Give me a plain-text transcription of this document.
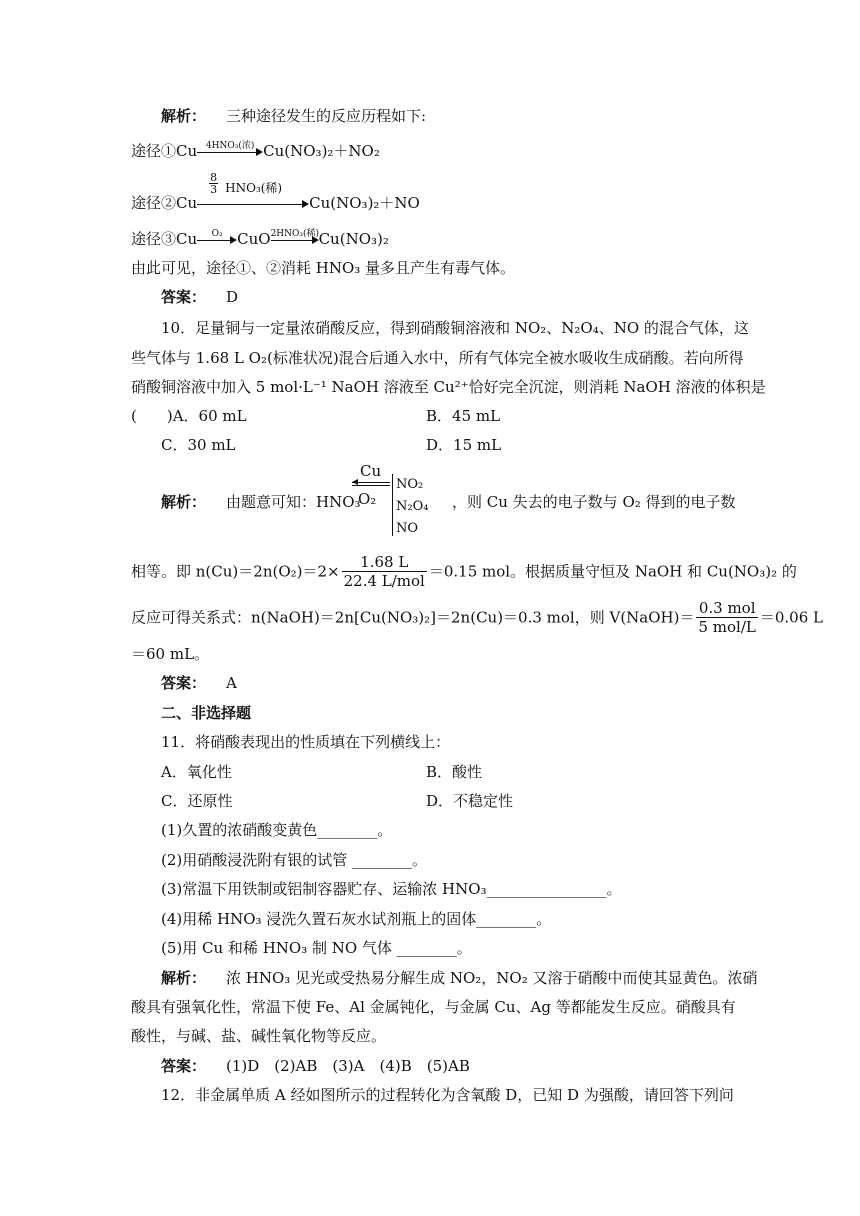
解析： 三种途径发生的反应历程如下:
途径①Cu 4HNO₃(浓) Cu(NO₃)₂＋NO₂
途径②Cu
$\frac{8}{3} HNO_3$(稀)
Cu(NO₃)₂＋NO
途径③Cu	O₂ CuO 2HNO₃(稀) Cu(NO₃)₂
由此可见，途径①、②消耗 HNO₃ 量多且产生有毒气体。
答案： D
10．足量铜与一定量浓硝酸反应，得到硝酸铜溶液和 NO₂、N₂O₄、NO 的混合气体，这
些气体与 1.68 L O₂(标准状况)混合后通入水中，所有气体完全被水吸收生成硝酸。若向所得
硝酸铜溶液中加入 5 mol·L⁻¹ NaOH 溶液至 Cu²⁺恰好完全沉淀，则消耗 NaOH 溶液的体积是
(　　)A．60 mL	B．45 mL
C．30 mL	D．15 mL
解析： 由题意可知：HNO₃
Cu
O₂
NO₂
N₂O₄
NO
，则 Cu 失去的电子数与 O₂ 得到的电子数
相等。即 $n(Cu)=2n(O_2)=2\times \frac{1.68 L}{\text{22.4 L/mol}} =0.15$ mol。根据质量守恒及 NaOH 和 Cu(NO₃)₂ 的
反应可得关系式：n(NaOH)＝2n[Cu(NO₃)₂]＝2n(Cu)＝0.3 mol，则 V(NaOH)＝ $\frac{\text{0.3 mol}}{\text{5 mol/L}} =0.06$ L
＝60 mL。
答案： A
二、非选择题
11．将硝酸表现出的性质填在下列横线上：
A．氧化性	B．酸性
C．还原性	D．不稳定性
(1)久置的浓硝酸变黄色________。
(2)用硝酸浸洗附有银的试管 ________。
(3)常温下用铁制或铝制容器贮存、运输浓 HNO₃________________。
(4)用稀 HNO₃ 浸洗久置石灰水试剂瓶上的固体________。
(5)用 Cu 和稀 HNO₃ 制 NO 气体 ________。
解析： 浓 HNO₃ 见光或受热易分解生成 NO₂，NO₂ 又溶于硝酸中而使其显黄色。浓硝
酸具有强氧化性，常温下使 Fe、Al 金属钝化，与金属 Cu、Ag 等都能发生反应。硝酸具有
酸性，与碱、盐、碱性氧化物等反应。
答案： (1)D　(2)AB　(3)A　(4)B　(5)AB
12．非金属单质 A 经如图所示的过程转化为含氧酸 D，已知 D 为强酸，请回答下列问
